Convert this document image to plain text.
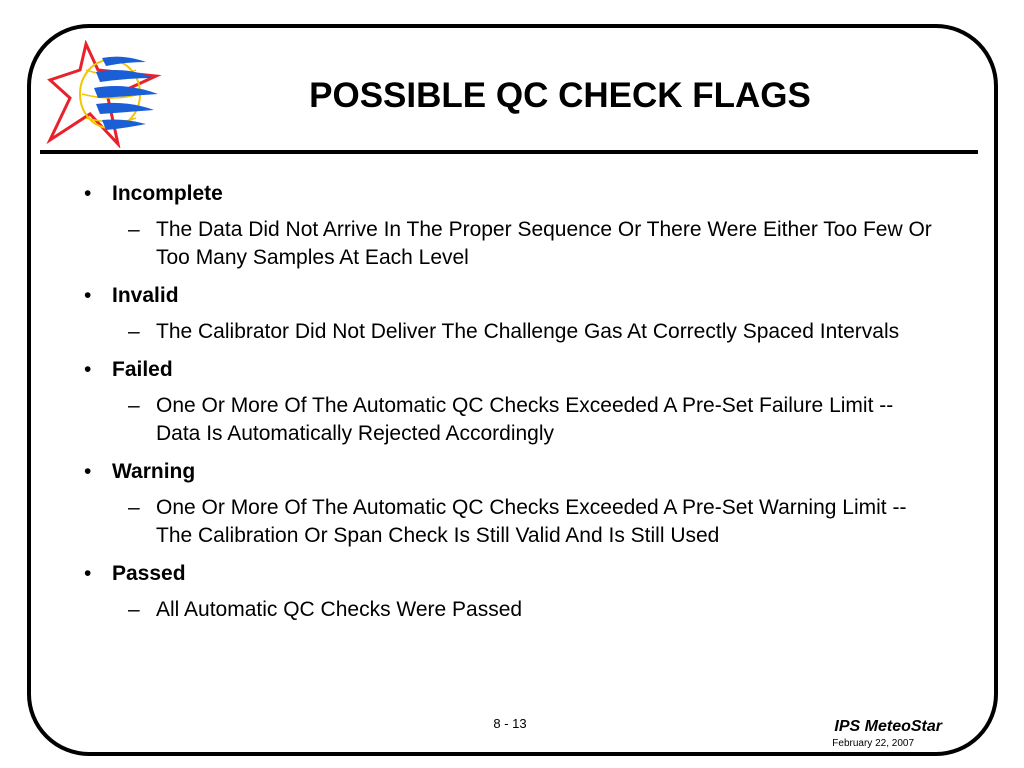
POSSIBLE QC CHECK FLAGS
• Incomplete
– The Data Did Not Arrive In The Proper Sequence Or There Were Either Too Few Or Too Many Samples At Each Level
• Invalid
– The Calibrator Did Not Deliver The Challenge Gas At Correctly Spaced Intervals
• Failed
– One Or More Of The Automatic QC Checks Exceeded A Pre-Set Failure Limit -- Data Is Automatically Rejected Accordingly
• Warning
– One Or More Of The Automatic QC Checks Exceeded A Pre-Set Warning Limit -- The Calibration Or Span Check Is Still Valid And Is Still Used
• Passed
– All Automatic QC Checks Were Passed
8 - 13	IPS MeteoStar
February 22, 2007
